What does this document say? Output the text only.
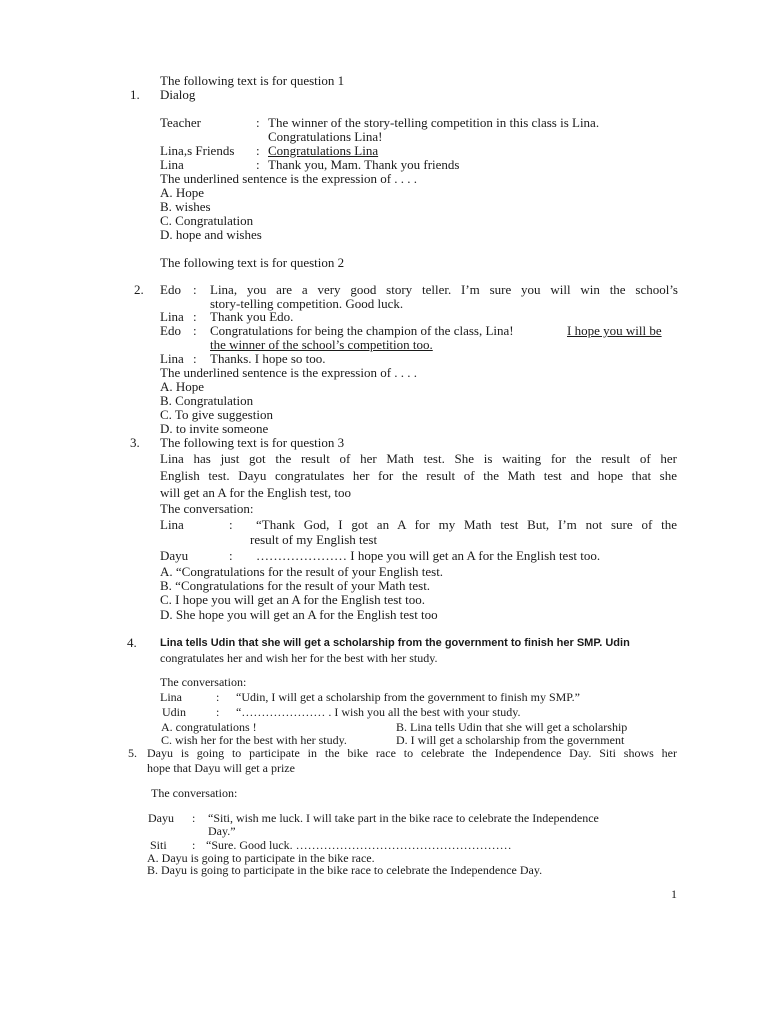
The following text is for question 1
1. Dialog
Teacher	: The winner of the story-telling competition in this class is Lina.
Congratulations Lina!
Lina,s Friends : Congratulations Lina
Lina	: Thank you, Mam. Thank you friends
The underlined sentence is the expression of . . . .
A. Hope
B. wishes
C. Congratulation
D. hope and wishes
The following text is for question 2
2. Edo : Lina, you are a very good story teller. I’m sure you will win the school’s
story-telling competition. Good luck.
Lina : Thank you Edo.
Edo : Congratulations for being the champion of the class, Lina!	I hope you will be
the winner of the school’s competition too.
Lina : Thanks. I hope so too.
The underlined sentence is the expression of . . . .
A. Hope
B. Congratulation
C. To give suggestion
D. to invite someone
3. The following text is for question 3
Lina has just got the result of her Math test. She is waiting for the result of her
English test. Dayu congratulates her for the result of the Math test and hope that she
will get an A for the English test, too
The conversation:
Lina	: “Thank God, I got an A for my Math test But, I’m not sure of the
result of my English test
Dayu	: ………………… I hope you will get an A for the English test too.
A. “Congratulations for the result of your English test.
B. “Congratulations for the result of your Math test.
C. I hope you will get an A for the English test too.
D. She hope you will get an A for the English test too
4. Lina tells Udin that she will get a scholarship from the government to finish her SMP. Udin
congratulates her and wish her for the best with her study.
The conversation:
Lina	: “Udin, I will get a scholarship from the government to finish my SMP.”
Udin	: “………………… . I wish you all the best with your study.
A. congratulations !	B. Lina tells Udin that she will get a scholarship
C. wish her for the best with her study.	D. I will get a scholarship from the government
5. Dayu is going to participate in the bike race to celebrate the Independence Day. Siti shows her
hope that Dayu will get a prize
The conversation:
Dayu : “Siti, wish me luck. I will take part in the bike race to celebrate the Independence
Day.”
Siti : “Sure. Good luck. ………………………………………………
A. Dayu is going to participate in the bike race.
B. Dayu is going to participate in the bike race to celebrate the Independence Day.
1
